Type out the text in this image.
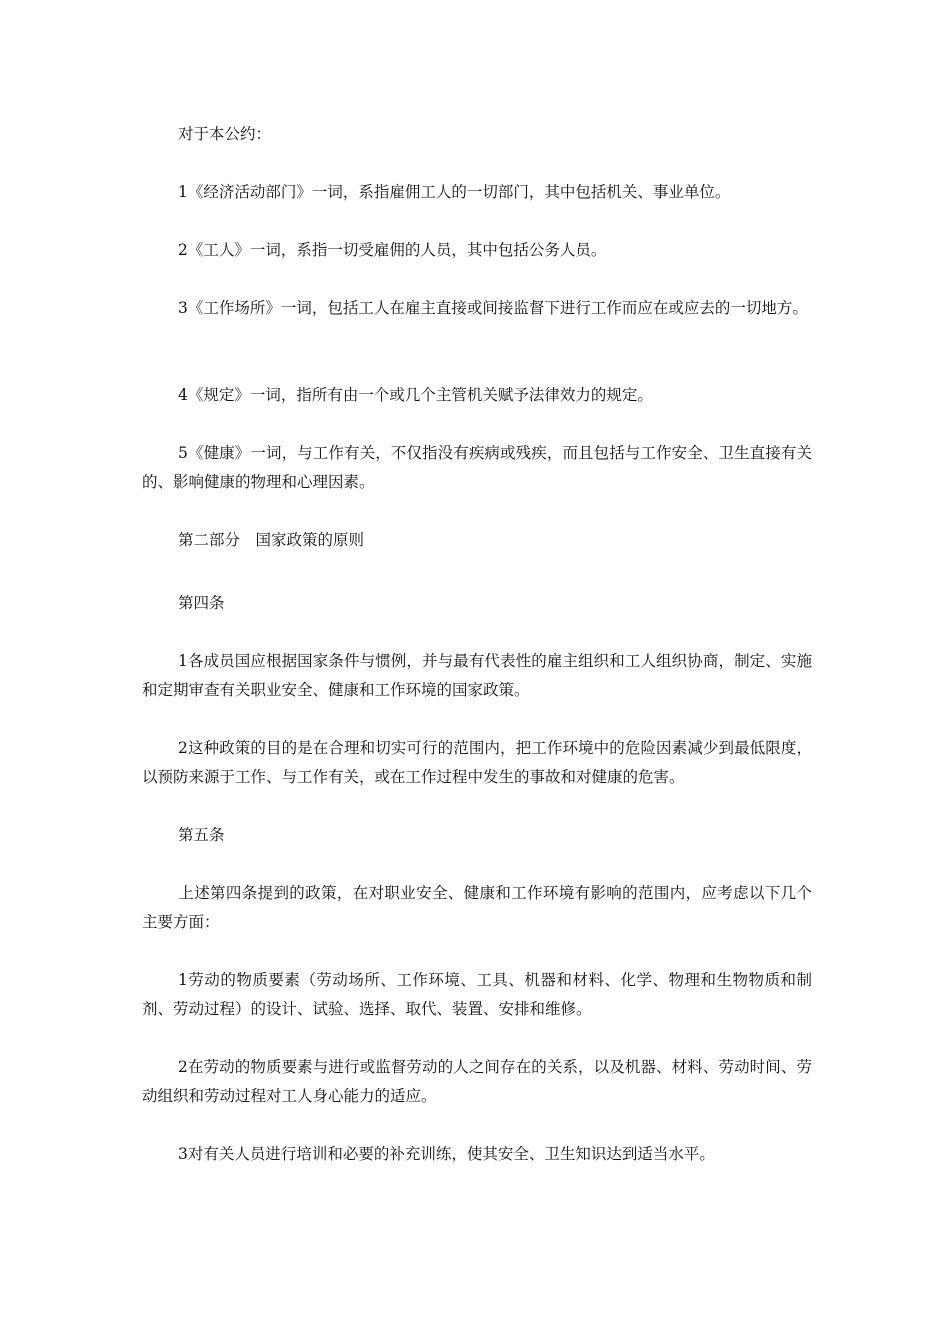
对于本公约：

1《经济活动部门》一词，系指雇佣工人的一切部门，其中包括机关、事业单位。

2《工人》一词，系指一切受雇佣的人员，其中包括公务人员。

3《工作场所》一词，包括工人在雇主直接或间接监督下进行工作而应在或应去的一切地方。

4《规定》一词，指所有由一个或几个主管机关赋予法律效力的规定。

5《健康》一词，与工作有关，不仅指没有疾病或残疾，而且包括与工作安全、卫生直接有关的、影响健康的物理和心理因素。

第二部分　国家政策的原则

第四条

1各成员国应根据国家条件与惯例，并与最有代表性的雇主组织和工人组织协商，制定、实施和定期审查有关职业安全、健康和工作环境的国家政策。

2这种政策的目的是在合理和切实可行的范围内，把工作环境中的危险因素减少到最低限度，以预防来源于工作、与工作有关，或在工作过程中发生的事故和对健康的危害。

第五条

上述第四条提到的政策，在对职业安全、健康和工作环境有影响的范围内，应考虑以下几个主要方面：

1劳动的物质要素（劳动场所、工作环境、工具、机器和材料、化学、物理和生物物质和制剂、劳动过程）的设计、试验、选择、取代、装置、安排和维修。

2在劳动的物质要素与进行或监督劳动的人之间存在的关系，以及机器、材料、劳动时间、劳动组织和劳动过程对工人身心能力的适应。

3对有关人员进行培训和必要的补充训练，使其安全、卫生知识达到适当水平。
